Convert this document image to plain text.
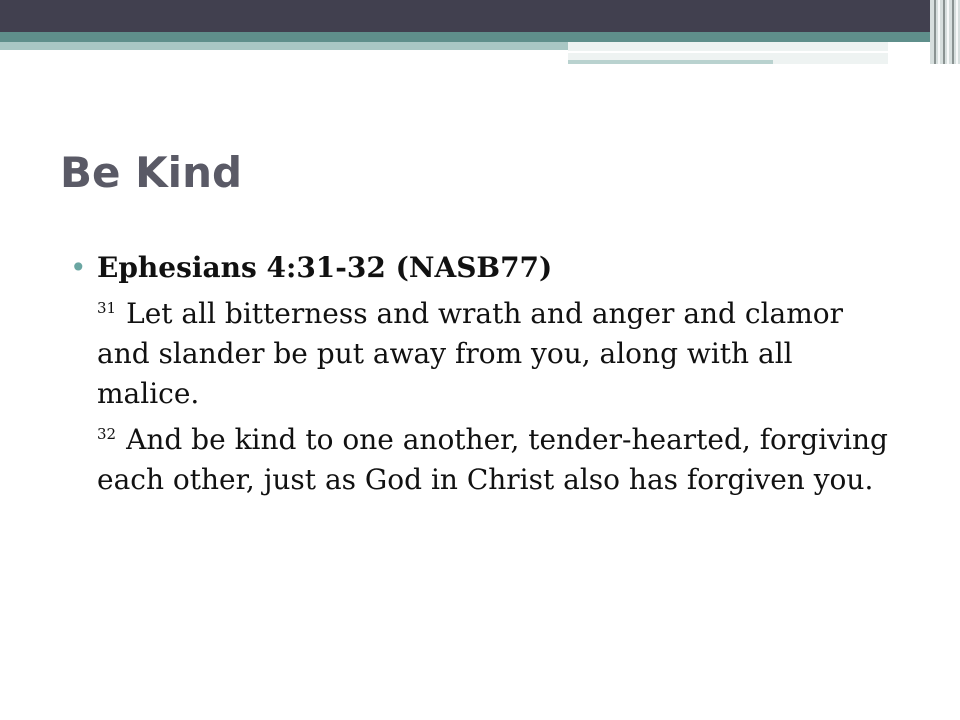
Be Kind
• Ephesians 4:31-32 (NASB77)
$^{31}$ Let all bitterness and wrath and anger and clamor and slander be put away from you, along with all malice.
$^{32}$ And be kind to one another, tender-hearted, forgiving each other, just as God in Christ also has forgiven you.
